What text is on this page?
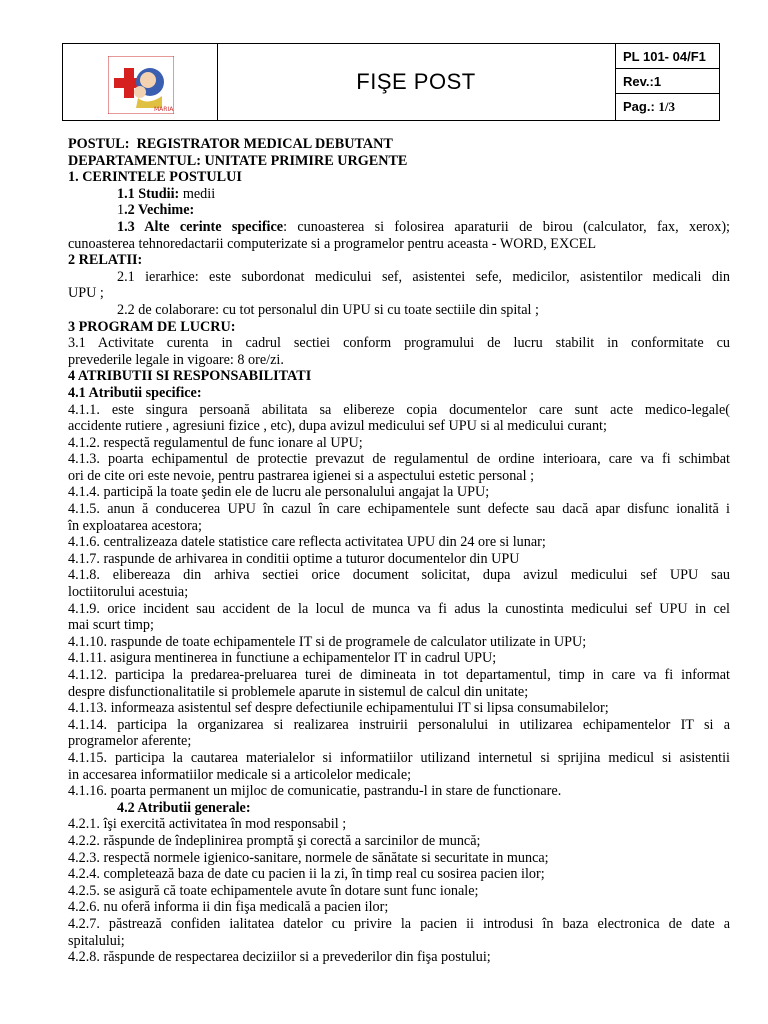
MARIA
FIŞE POST
PL 101- 04/F1
Rev.:1
Pag.: 1/3
POSTUL: REGISTRATOR MEDICAL DEBUTANT
DEPARTAMENTUL: UNITATE PRIMIRE URGENTE
1. CERINTELE POSTULUI
1.1 Studii: medii
1.2 Vechime:
1.3 Alte cerinte specifice: cunoasterea si folosirea aparaturii de birou (calculator, fax, xerox);
cunoasterea tehnoredactarii computerizate si a programelor pentru aceasta - WORD, EXCEL
2 RELATII:
2.1 ierarhice: este subordonat medicului sef, asistentei sefe, medicilor, asistentilor medicali din
UPU ;
2.2 de colaborare: cu tot personalul din UPU si cu toate sectiile din spital ;
3 PROGRAM DE LUCRU:
3.1 Activitate curenta in cadrul sectiei conform programului de lucru stabilit in conformitate cu
prevederile legale in vigoare: 8 ore/zi.
4 ATRIBUTII SI RESPONSABILITATI
4.1 Atributii specifice:
4.1.1. este singura persoană abilitata sa elibereze copia documentelor care sunt acte medico-legale(
accidente rutiere , agresiuni fizice , etc), dupa avizul medicului sef UPU si al medicului curant;
4.1.2. respectă regulamentul de func ionare al UPU;
4.1.3. poarta echipamentul de protectie prevazut de regulamentul de ordine interioara, care va fi schimbat
ori de cite ori este nevoie, pentru pastrarea igienei si a aspectului estetic personal ;
4.1.4. participă la toate şedin ele de lucru ale personalului angajat la UPU;
4.1.5. anun ă conducerea UPU în cazul în care echipamentele sunt defecte sau dacă apar disfunc ionalită i
în exploatarea acestora;
4.1.6. centralizeaza datele statistice care reflecta activitatea UPU din 24 ore si lunar;
4.1.7. raspunde de arhivarea in conditii optime a tuturor documentelor din UPU
4.1.8. elibereaza din arhiva sectiei orice document solicitat, dupa avizul medicului sef UPU sau
loctiitorului acestuia;
4.1.9. orice incident sau accident de la locul de munca va fi adus la cunostinta medicului sef UPU in cel
mai scurt timp;
4.1.10. raspunde de toate echipamentele IT si de programele de calculator utilizate in UPU;
4.1.11. asigura mentinerea in functiune a echipamentelor IT in cadrul UPU;
4.1.12. participa la predarea-preluarea turei de dimineata in tot departamentul, timp in care va fi informat
despre disfunctionalitatile si problemele aparute in sistemul de calcul din unitate;
4.1.13. informeaza asistentul sef despre defectiunile echipamentului IT si lipsa consumabilelor;
4.1.14. participa la organizarea si realizarea instruirii personalului in utilizarea echipamentelor IT si a
programelor aferente;
4.1.15. participa la cautarea materialelor si informatiilor utilizand internetul si sprijina medicul si asistentii
in accesarea informatiilor medicale si a articolelor medicale;
4.1.16. poarta permanent un mijloc de comunicatie, pastrandu-l in stare de functionare.
4.2 Atributii generale:
4.2.1. îşi exercită activitatea în mod responsabil ;
4.2.2. răspunde de îndeplinirea promptă şi corectă a sarcinilor de muncă;
4.2.3. respectă normele igienico-sanitare, normele de sănătate si securitate in munca;
4.2.4. completează baza de date cu pacien ii la zi, în timp real cu sosirea pacien ilor;
4.2.5. se asigură că toate echipamentele avute în dotare sunt func ionale;
4.2.6. nu oferă informa ii din fişa medicală a pacien ilor;
4.2.7. păstrează confiden ialitatea datelor cu privire la pacien ii introdusi în baza electronica de date a
spitalului;
4.2.8. răspunde de respectarea deciziilor si a prevederilor din fişa postului;
